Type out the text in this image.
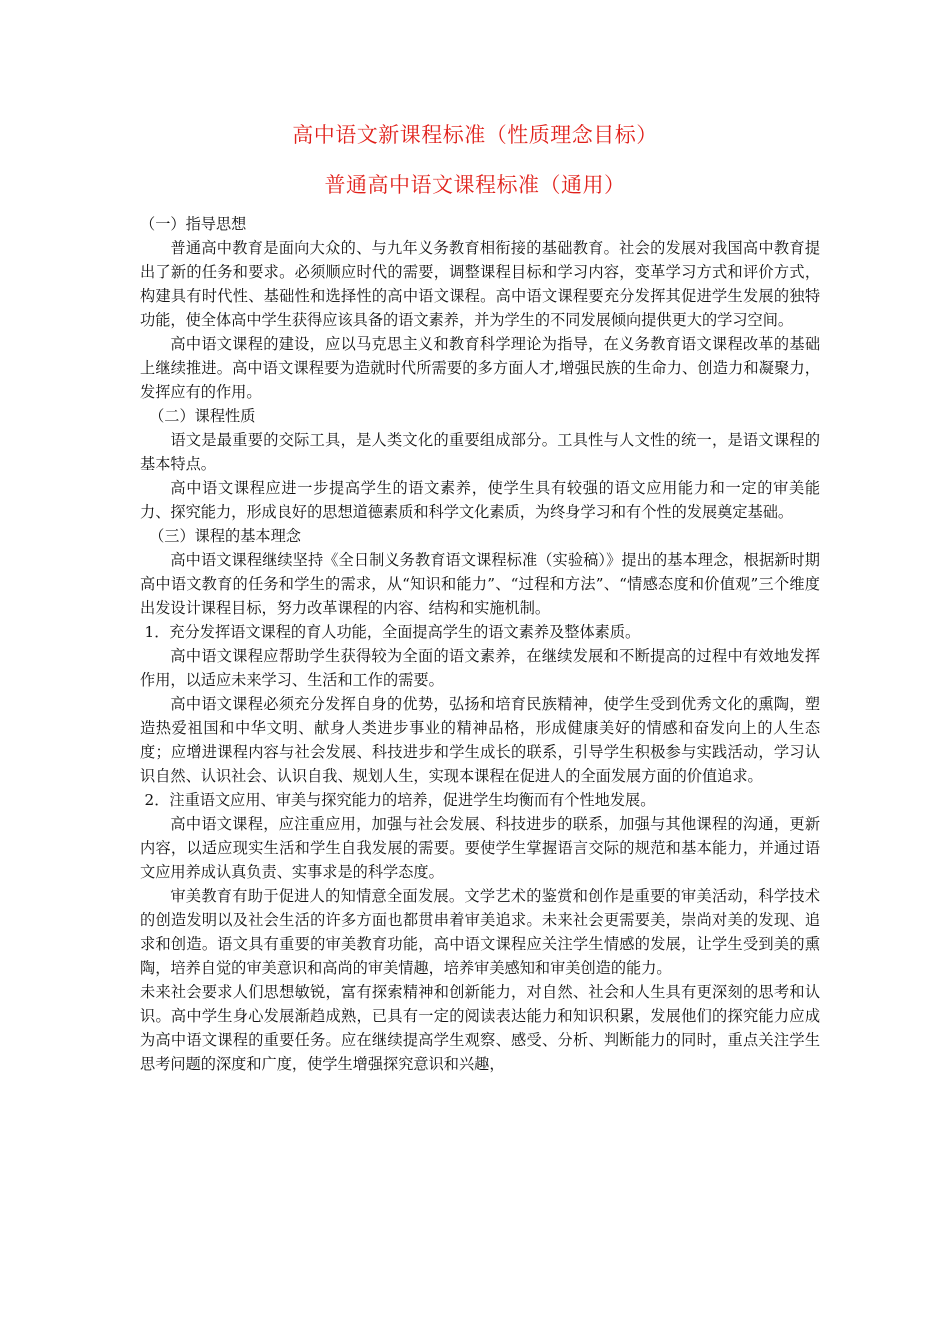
高中语文新课程标准（性质理念目标）
普通高中语文课程标准（通用）

（一）指导思想

普通高中教育是面向大众的、与九年义务教育相衔接的基础教育。社会的发展对我国高中教育提出了新的任务和要求。必须顺应时代的需要，调整课程目标和学习内容，变革学习方式和评价方式，构建具有时代性、基础性和选择性的高中语文课程。高中语文课程要充分发挥其促进学生发展的独特功能，使全体高中学生获得应该具备的语文素养，并为学生的不同发展倾向提供更大的学习空间。

高中语文课程的建设，应以马克思主义和教育科学理论为指导，在义务教育语文课程改革的基础上继续推进。高中语文课程要为造就时代所需要的多方面人才,增强民族的生命力、创造力和凝聚力，发挥应有的作用。

（二）课程性质

语文是最重要的交际工具，是人类文化的重要组成部分。工具性与人文性的统一，是语文课程的基本特点。

高中语文课程应进一步提高学生的语文素养，使学生具有较强的语文应用能力和一定的审美能力、探究能力，形成良好的思想道德素质和科学文化素质，为终身学习和有个性的发展奠定基础。

（三）课程的基本理念

高中语文课程继续坚持《全日制义务教育语文课程标准（实验稿）》提出的基本理念，根据新时期高中语文教育的任务和学生的需求，从“知识和能力”、“过程和方法”、“情感态度和价值观”三个维度出发设计课程目标，努力改革课程的内容、结构和实施机制。

1．充分发挥语文课程的育人功能，全面提高学生的语文素养及整体素质。

高中语文课程应帮助学生获得较为全面的语文素养，在继续发展和不断提高的过程中有效地发挥作用，以适应未来学习、生活和工作的需要。

高中语文课程必须充分发挥自身的优势，弘扬和培育民族精神，使学生受到优秀文化的熏陶，塑造热爱祖国和中华文明、献身人类进步事业的精神品格，形成健康美好的情感和奋发向上的人生态度；应增进课程内容与社会发展、科技进步和学生成长的联系，引导学生积极参与实践活动，学习认识自然、认识社会、认识自我、规划人生，实现本课程在促进人的全面发展方面的价值追求。

2．注重语文应用、审美与探究能力的培养，促进学生均衡而有个性地发展。

高中语文课程，应注重应用，加强与社会发展、科技进步的联系，加强与其他课程的沟通，更新内容，以适应现实生活和学生自我发展的需要。要使学生掌握语言交际的规范和基本能力，并通过语文应用养成认真负责、实事求是的科学态度。

审美教育有助于促进人的知情意全面发展。文学艺术的鉴赏和创作是重要的审美活动，科学技术的创造发明以及社会生活的许多方面也都贯串着审美追求。未来社会更需要美，崇尚对美的发现、追求和创造。语文具有重要的审美教育功能，高中语文课程应关注学生情感的发展，让学生受到美的熏陶，培养自觉的审美意识和高尚的审美情趣，培养审美感知和审美创造的能力。

未来社会要求人们思想敏锐，富有探索精神和创新能力，对自然、社会和人生具有更深刻的思考和认识。高中学生身心发展渐趋成熟，已具有一定的阅读表达能力和知识积累，发展他们的探究能力应成为高中语文课程的重要任务。应在继续提高学生观察、感受、分析、判断能力的同时，重点关注学生思考问题的深度和广度，使学生增强探究意识和兴趣，
